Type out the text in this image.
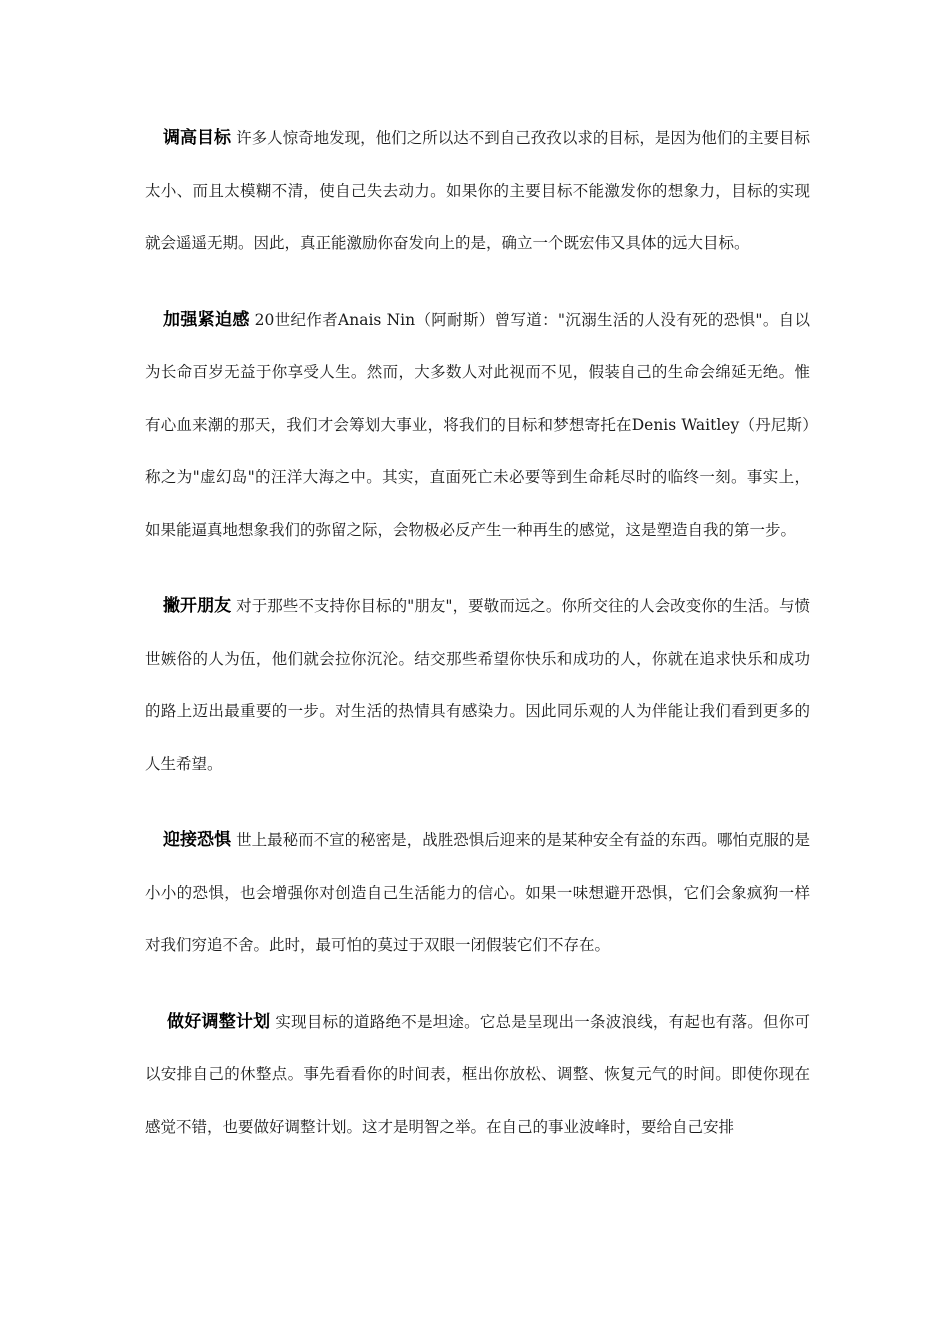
调高目标 许多人惊奇地发现，他们之所以达不到自己孜孜以求的目标，是因为他们的主要目标太小、而且太模糊不清，使自己失去动力。如果你的主要目标不能激发你的想象力，目标的实现就会遥遥无期。因此，真正能激励你奋发向上的是，确立一个既宏伟又具体的远大目标。

加强紧迫感 20世纪作者Anais Nin（阿耐斯）曾写道："沉溺生活的人没有死的恐惧"。自以为长命百岁无益于你享受人生。然而，大多数人对此视而不见，假装自己的生命会绵延无绝。惟有心血来潮的那天，我们才会筹划大事业，将我们的目标和梦想寄托在Denis Waitley（丹尼斯）称之为"虚幻岛"的汪洋大海之中。其实，直面死亡未必要等到生命耗尽时的临终一刻。事实上，如果能逼真地想象我们的弥留之际，会物极必反产生一种再生的感觉，这是塑造自我的第一步。

撇开朋友 对于那些不支持你目标的"朋友"，要敬而远之。你所交往的人会改变你的生活。与愤世嫉俗的人为伍，他们就会拉你沉沦。结交那些希望你快乐和成功的人，你就在追求快乐和成功的路上迈出最重要的一步。对生活的热情具有感染力。因此同乐观的人为伴能让我们看到更多的人生希望。

迎接恐惧 世上最秘而不宣的秘密是，战胜恐惧后迎来的是某种安全有益的东西。哪怕克服的是小小的恐惧，也会增强你对创造自己生活能力的信心。如果一味想避开恐惧，它们会象疯狗一样对我们穷追不舍。此时，最可怕的莫过于双眼一闭假装它们不存在。

做好调整计划 实现目标的道路绝不是坦途。它总是呈现出一条波浪线，有起也有落。但你可以安排自己的休整点。事先看看你的时间表，框出你放松、调整、恢复元气的时间。即使你现在感觉不错，也要做好调整计划。这才是明智之举。在自己的事业波峰时，要给自己安排
